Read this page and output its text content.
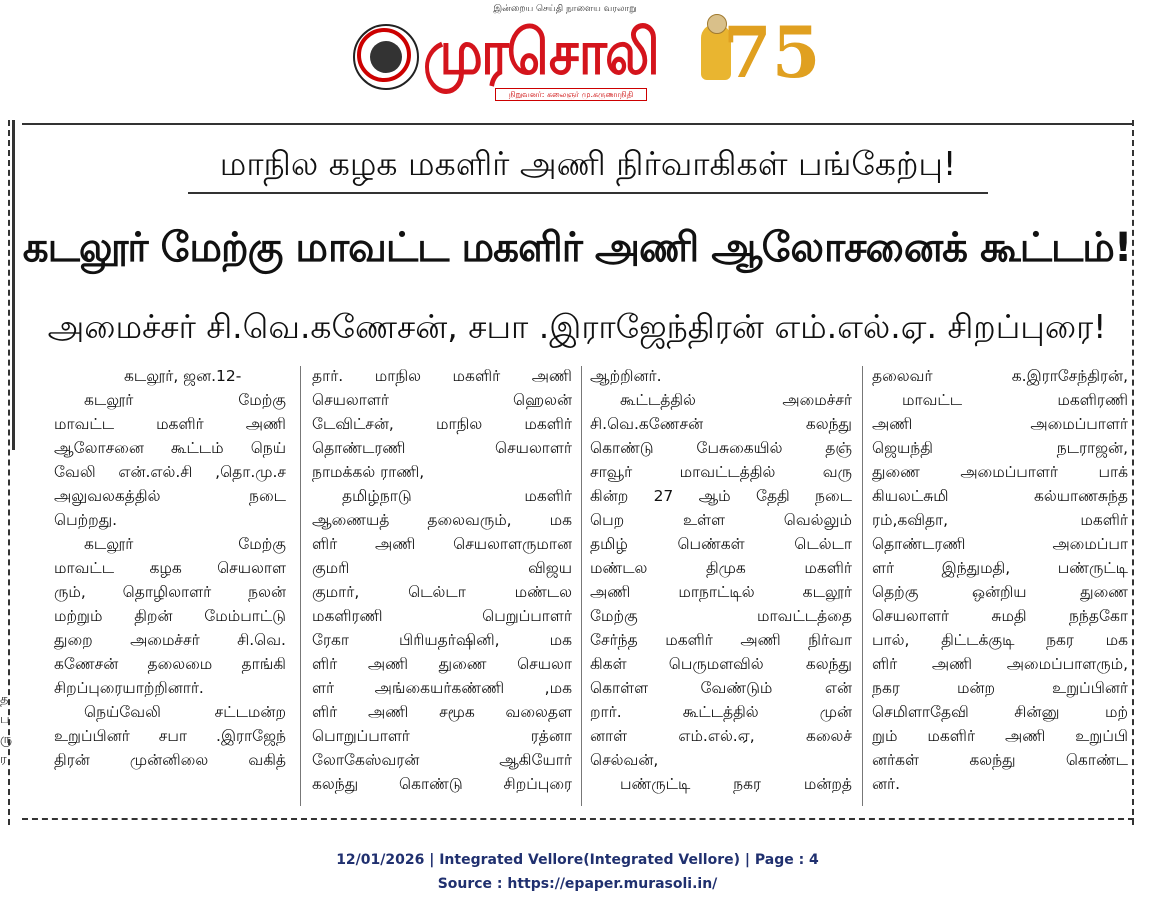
இன்றைய செய்தி நாளைய வரலாறு
முரசொலி
நிறுவனர்: கலைஞர் மு.கருணாநிதி
75
த ப ரு ர
மாநில கழக மகளிர் அணி நிர்வாகிகள் பங்கேற்பு!
கடலூர் மேற்கு மாவட்ட மகளிர் அணி ஆலோசனைக் கூட்டம்!
அமைச்சர் சி.வெ.கணேசன், சபா .இராஜேந்திரன் எம்.எல்.ஏ. சிறப்புரை!
கடலூர், ஜன.12-
கடலூர் மேற்கு
மாவட்ட மகளிர் அணி
ஆலோசனை கூட்டம் நெய்
வேலி என்.எல்.சி ,தொ.மு.ச
அலுவலகத்தில் நடை
பெற்றது.
கடலூர் மேற்கு
மாவட்ட கழக செயலாள
ரும், தொழிலாளர் நலன்
மற்றும் திறன் மேம்பாட்டு
துறை அமைச்சர் சி.வெ.
கணேசன் தலைமை தாங்கி
சிறப்புரையாற்றினார்.
நெய்வேலி சட்டமன்ற
உறுப்பினர் சபா .இராஜேந்
திரன் முன்னிலை வகித்
தார். மாநில மகளிர் அணி
செயலாளர் ஹெலன்
டேவிட்சன், மாநில மகளிர்
தொண்டரணி செயலாளர்
நாமக்கல் ராணி,
தமிழ்நாடு மகளிர்
ஆணையத் தலைவரும், மக
ளிர் அணி செயலாளருமான
குமரி விஜய
குமார், டெல்டா மண்டல
மகளிரணி பெறுப்பாளர்
ரேகா பிரியதர்ஷினி, மக
ளிர் அணி துணை செயலா
ளர் அங்கையர்கண்ணி ,மக
ளிர் அணி சமூக வலைதள
பொறுப்பாளர் ரத்னா
லோகேஸ்வரன் ஆகியோர்
கலந்து கொண்டு சிறப்புரை
ஆற்றினர்.
கூட்டத்தில் அமைச்சர்
சி.வெ.கணேசன் கலந்து
கொண்டு பேசுகையில் தஞ்
சாவூர் மாவட்டத்தில் வரு
கின்ற 27 ஆம் தேதி நடை
பெற உள்ள வெல்லும்
தமிழ் பெண்கள் டெல்டா
மண்டல திமுக மகளிர்
அணி மாநாட்டில் கடலூர்
மேற்கு மாவட்டத்தை
சேர்ந்த மகளிர் அணி நிர்வா
கிகள் பெருமளவில் கலந்து
கொள்ள வேண்டும் என்
றார். கூட்டத்தில் முன்
னாள் எம்.எல்.ஏ, கலைச்
செல்வன்,
பண்ருட்டி நகர மன்றத்
தலைவர் க.இராசேந்திரன்,
மாவட்ட மகளிரணி
அணி அமைப்பாளர்
ஜெயந்தி நடராஜன்,
துணை அமைப்பாளர் பாக்
கியலட்சுமி கல்யாணசுந்த
ரம்,கவிதா, மகளிர்
தொண்டரணி அமைப்பா
ளர் இந்துமதி, பண்ருட்டி
தெற்கு ஒன்றிய துணை
செயலாளர் சுமதி நந்தகோ
பால், திட்டக்குடி நகர மக
ளிர் அணி அமைப்பாளரும்,
நகர மன்ற உறுப்பினர்
செமிளாதேவி சின்னு மற்
றும் மகளிர் அணி உறுப்பி
னர்கள் கலந்து கொண்ட
னர்.
12/01/2026 | Integrated Vellore(Integrated Vellore) | Page : 4
Source : https://epaper.murasoli.in/
